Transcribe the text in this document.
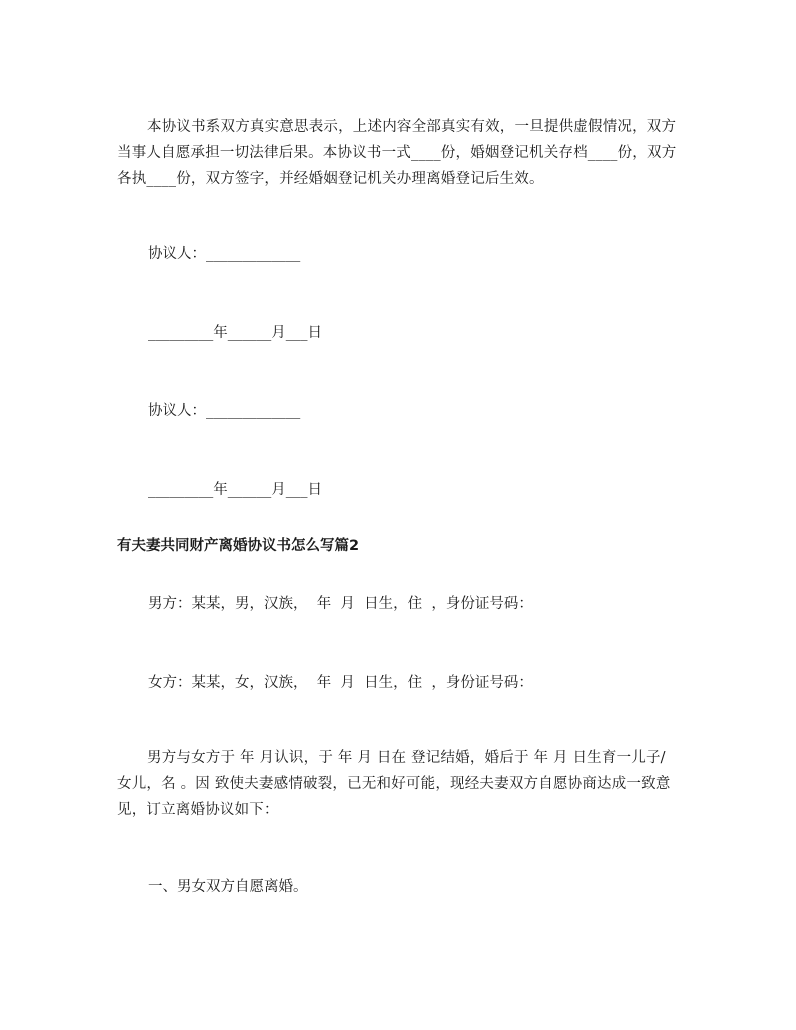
本协议书系双方真实意思表示，上述内容全部真实有效，一旦提供虚假情况，双方当事人自愿承担一切法律后果。本协议书一式____份，婚姻登记机关存档____份，双方各执____份，双方签字，并经婚姻登记机关办理离婚登记后生效。

协议人：_____________

_________年______月___日

协议人：_____________

_________年______月___日

有夫妻共同财产离婚协议书怎么写篇2

男方：某某，男，汉族，  年  月  日生，住  ，身份证号码：

女方：某某，女，汉族，  年  月  日生，住  ，身份证号码：

男方与女方于 年 月认识，于 年 月 日在 登记结婚，婚后于 年 月 日生育一儿子/女儿，名 。因 致使夫妻感情破裂，已无和好可能，现经夫妻双方自愿协商达成一致意见，订立离婚协议如下：

一、男女双方自愿离婚。
